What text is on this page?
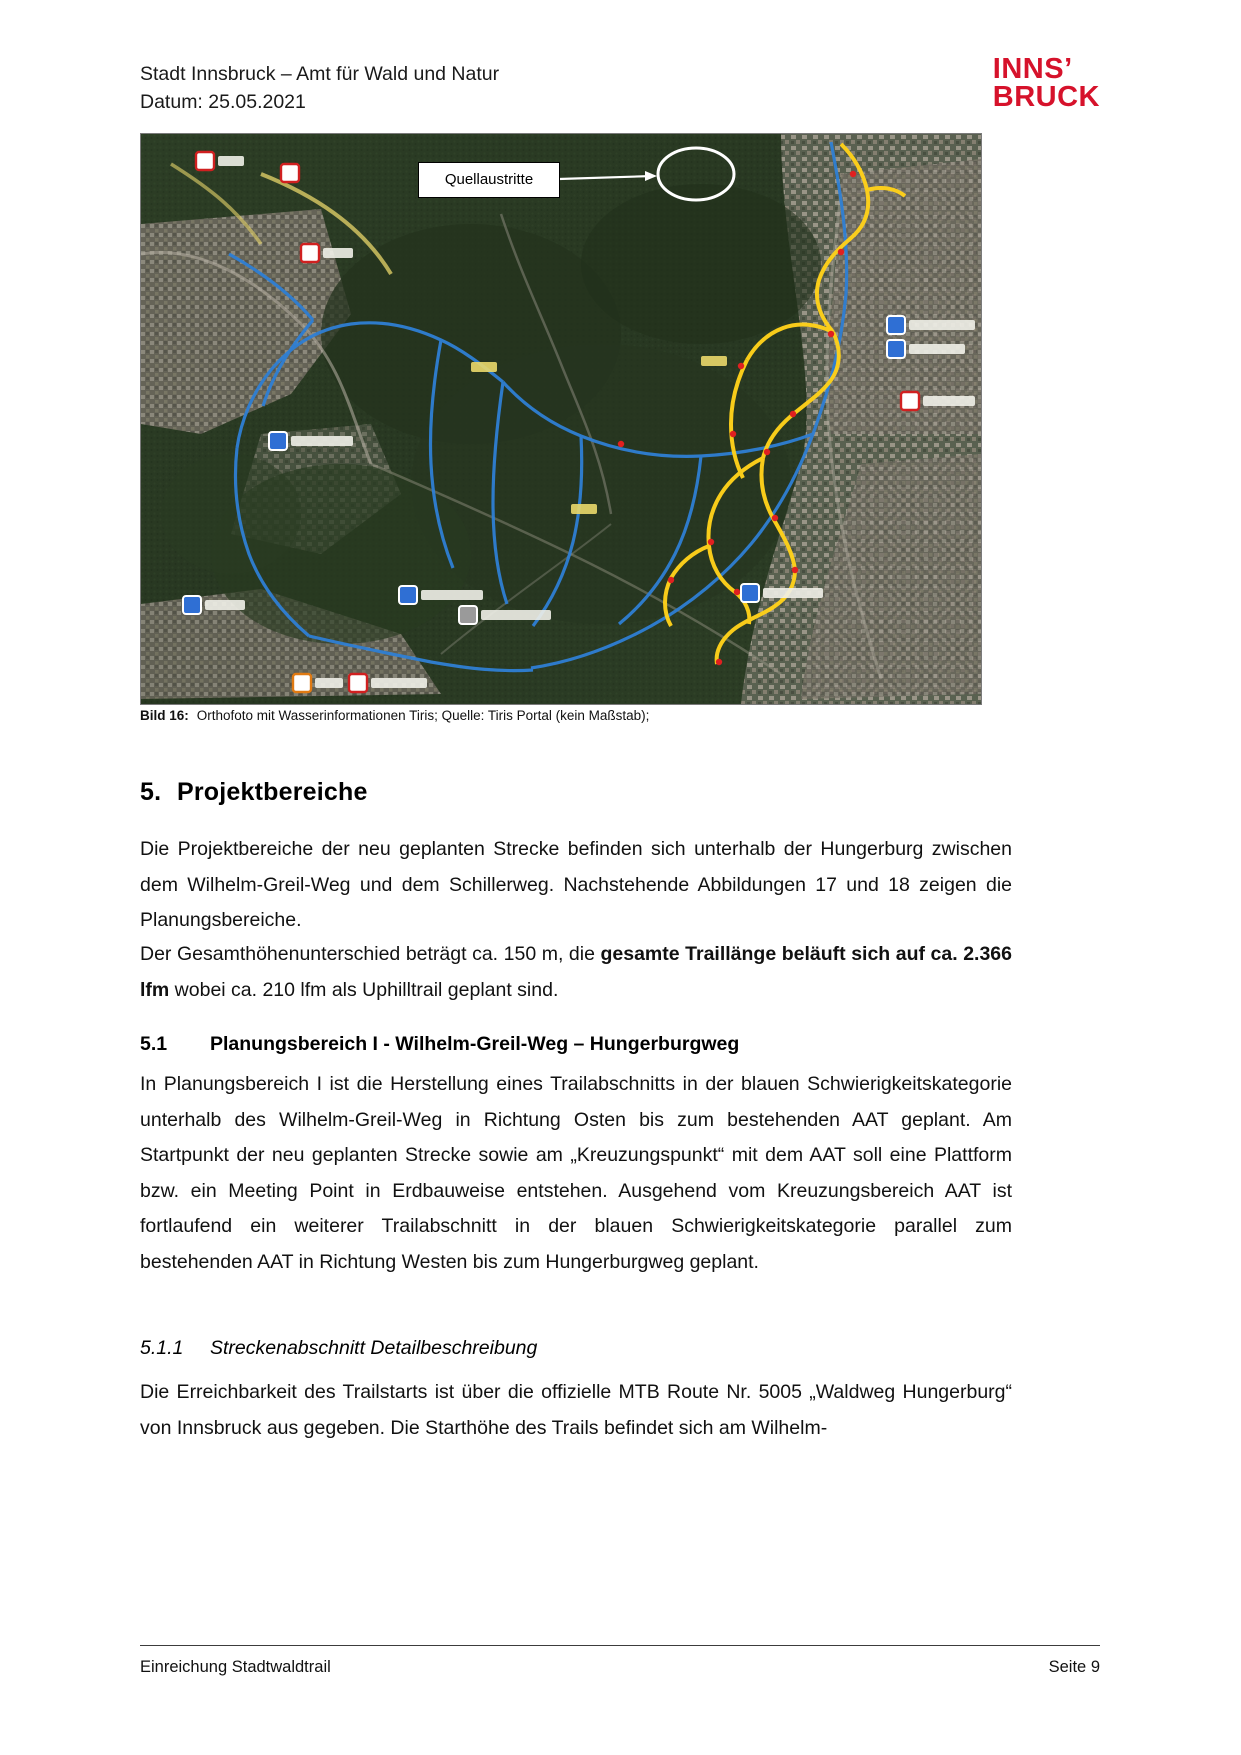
Stadt Innsbruck – Amt für Wald und Natur
Datum: 25.05.2021
INNS’
BRUCK
Quellaustritte
Bild 16: Orthofoto mit Wasserinformationen Tiris; Quelle: Tiris Portal (kein Maßstab);
5. Projektbereiche
Die Projektbereiche der neu geplanten Strecke befinden sich unterhalb der Hungerburg zwischen dem Wilhelm-Greil-Weg und dem Schillerweg. Nachstehende Abbildungen 17 und 18 zeigen die Planungsbereiche.
Der Gesamthöhenunterschied beträgt ca. 150 m, die gesamte Traillänge beläuft sich auf ca. 2.366 lfm wobei ca. 210 lfm als Uphilltrail geplant sind.
5.1 Planungsbereich I - Wilhelm-Greil-Weg – Hungerburgweg
In Planungsbereich I ist die Herstellung eines Trailabschnitts in der blauen Schwierigkeitskategorie unterhalb des Wilhelm-Greil-Weg in Richtung Osten bis zum bestehenden AAT geplant. Am Startpunkt der neu geplanten Strecke sowie am „Kreuzungspunkt“ mit dem AAT soll eine Plattform bzw. ein Meeting Point in Erdbauweise entstehen. Ausgehend vom Kreuzungsbereich AAT ist fortlaufend ein weiterer Trailabschnitt in der blauen Schwierigkeitskategorie parallel zum bestehenden AAT in Richtung Westen bis zum Hungerburgweg geplant.
5.1.1 Streckenabschnitt Detailbeschreibung
Die Erreichbarkeit des Trailstarts ist über die offizielle MTB Route Nr. 5005 „Waldweg Hungerburg“ von Innsbruck aus gegeben. Die Starthöhe des Trails befindet sich am Wilhelm-
Einreichung Stadtwaldtrail	Seite 9
